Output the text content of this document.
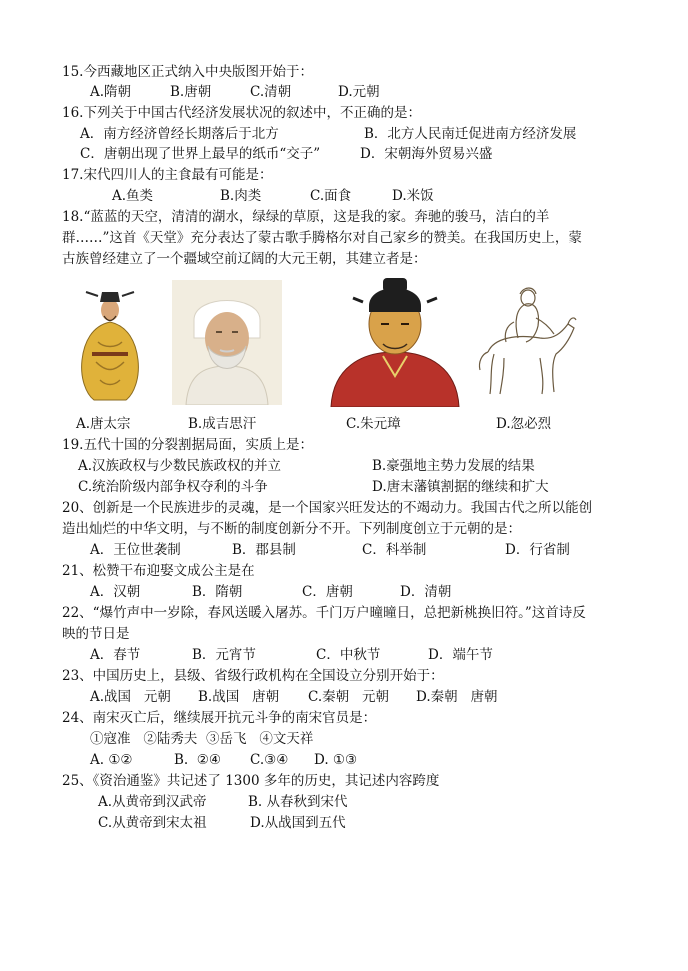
15.今西藏地区正式纳入中央版图开始于：
A.隋朝	B.唐朝	C.清朝	D.元朝
16.下列关于中国古代经济发展状况的叙述中，不正确的是：
A．南方经济曾经长期落后于北方	B．北方人民南迁促进南方经济发展
C．唐朝出现了世界上最早的纸币“交子”	D．宋朝海外贸易兴盛
17.宋代四川人的主食最有可能是：
A.鱼类	B.肉类	C.面食	D.米饭
18.“蓝蓝的天空，清清的湖水，绿绿的草原，这是我的家。奔驰的骏马，洁白的羊
群……”这首《天堂》充分表达了蒙古歌手腾格尔对自己家乡的赞美。在我国历史上，蒙
古族曾经建立了一个疆域空前辽阔的大元王朝，其建立者是：
A.唐太宗	B.成吉思汗	C.朱元璋	D.忽必烈
19.五代十国的分裂割据局面，实质上是：
A.汉族政权与少数民族政权的并立	B.豪强地主势力发展的结果
C.统治阶级内部争权夺利的斗争	D.唐末藩镇割据的继续和扩大
20、创新是一个民族进步的灵魂，是一个国家兴旺发达的不竭动力。我国古代之所以能创
造出灿烂的中华文明，与不断的制度创新分不开。下列制度创立于元朝的是：
A．王位世袭制	B．郡县制	C．科举制	D．行省制
21、松赞干布迎娶文成公主是在
A．汉朝	B．隋朝	C．唐朝	D．清朝
22、“爆竹声中一岁除，春风送暖入屠苏。千门万户曈曈日，总把新桃换旧符。”这首诗反
映的节日是
A．春节	B．元宵节	C．中秋节	D．端午节
23、中国历史上，县级、省级行政机构在全国设立分别开始于：
A.战国   元朝 B.战国   唐朝 C.秦朝   元朝 D.秦朝   唐朝
24、南宋灭亡后，继续展开抗元斗争的南宋官员是：
①寇准   ②陆秀夫  ③岳飞   ④文天祥
A. ①②	B.  ②④ C.③④ D. ①③
25、《资治通鉴》共记述了 1300 多年的历史，其记述内容跨度
A.从黄帝到汉武帝	B. 从春秋到宋代
C.从黄帝到宋太祖	D.从战国到五代
